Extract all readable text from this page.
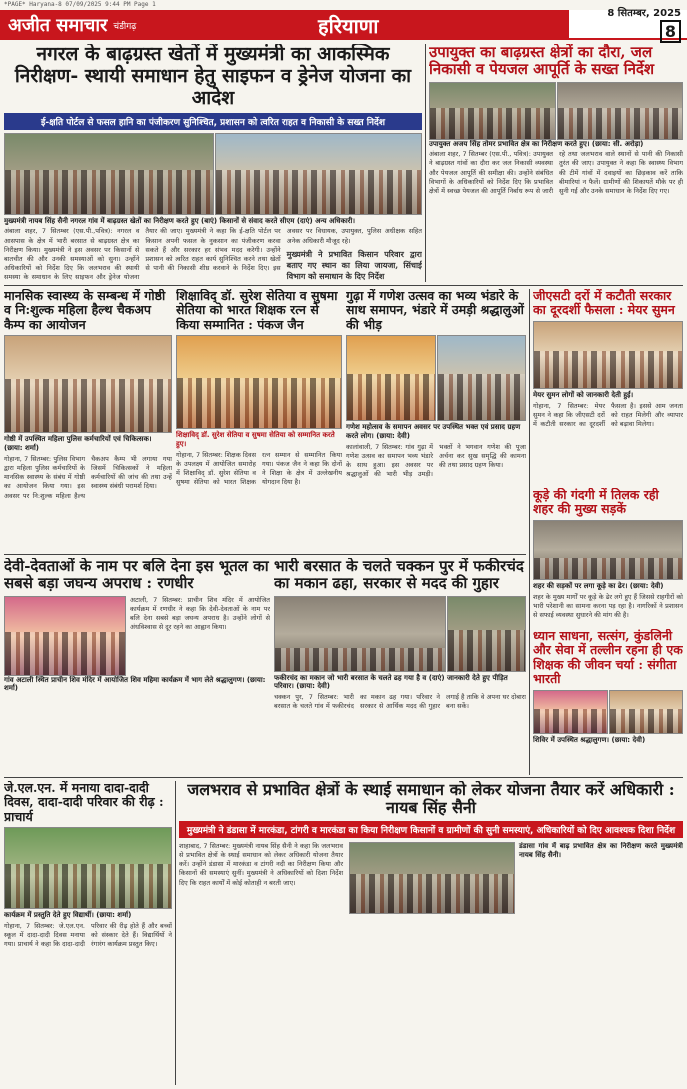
*PAGE* Haryana-8 07/09/2025 9:44 PM Page 1
अजीत समाचार चंडीगढ़	हरियाणा	8 सितम्बर, 2025
8
नगरल के बाढ़ग्रस्त खेतों में मुख्यमंत्री का आकस्मिक निरीक्षण- स्थायी समाधान हेतु साइफन व ड्रेनेज योजना का आदेश
ई-क्षति पोर्टल से फसल हानि का पंजीकरण सुनिश्चित, प्रशासन को त्वरित राहत व निकासी के सख्त निर्देश
मुख्यमंत्री नायब सिंह सैनी नगरल गांव में बाढ़ग्रस्त खेतों का निरीक्षण करते हुए (बाएं) किसानों से संवाद करते सीएम (दाएं) अन्य अधिकारी।
अंबाला शहर, 7 सितम्बर (एस.पी.,पवित्र): नगरल व आसपास के क्षेत्र में भारी बरसात से बाढ़ग्रस्त क्षेत्र का निरीक्षण किया। मुख्यमंत्री ने इस अवसर पर किसानों से बातचीत की और उनकी समस्याओं को सुना। उन्होंने अधिकारियों को निर्देश दिए कि जलभराव की स्थायी समस्या के समाधान के लिए साइफन और ड्रेनेज योजना तैयार की जाए। मुख्यमंत्री ने कहा कि ई-क्षति पोर्टल पर किसान अपनी फसल के नुकसान का पंजीकरण करवा सकते हैं और सरकार हर संभव मदद करेगी। उन्होंने प्रशासन को त्वरित राहत कार्य सुनिश्चित करने तथा खेतों से पानी की निकासी शीघ्र करवाने के निर्देश दिए। इस अवसर पर विधायक, उपायुक्त, पुलिस अधीक्षक सहित अनेक अधिकारी मौजूद रहे।
मुख्यमंत्री ने प्रभावित किसान परिवार द्वारा बताए गए स्थान का लिया जायजा, सिंचाई विभाग को समाधान के दिए निर्देश
उपायुक्त का बाढ़ग्रस्त क्षेत्रों का दौरा, जल निकासी व पेयजल आपूर्ति के सख्त निर्देश
उपायुक्त अजय सिंह तोमर प्रभावित क्षेत्र का निरीक्षण करते हुए। (छाया: सी. अरोड़ा)
अंबाला शहर, 7 सितम्बर (एस.पी., पवित्र): उपायुक्त ने बाढ़ग्रस्त गांवों का दौरा कर जल निकासी व्यवस्था और पेयजल आपूर्ति की समीक्षा की। उन्होंने संबंधित विभागों के अधिकारियों को निर्देश दिए कि प्रभावित क्षेत्रों में स्वच्छ पेयजल की आपूर्ति निर्बाध रूप से जारी रहे तथा जलभराव वाले स्थानों से पानी की निकासी तुरंत की जाए। उपायुक्त ने कहा कि स्वास्थ्य विभाग की टीमें गांवों में दवाइयों का छिड़काव करें ताकि बीमारियां न फैलें। ग्रामीणों की शिकायतें मौके पर ही सुनी गईं और उनके समाधान के निर्देश दिए गए।
मानसिक स्वास्थ्य के सम्बन्ध में गोष्ठी व नि:शुल्क महिला हैल्थ चैकअप कैम्प का आयोजन
गोष्ठी में उपस्थित महिला पुलिस कर्मचारियों एवं चिकित्सक। (छाया: शर्मा)
गोहाना, 7 सितम्बर: पुलिस विभाग द्वारा महिला पुलिस कर्मचारियों के मानसिक स्वास्थ्य के संबंध में गोष्ठी का आयोजन किया गया। इस अवसर पर नि:शुल्क महिला हैल्थ चैकअप कैम्प भी लगाया गया जिसमें चिकित्सकों ने महिला कर्मचारियों की जांच की तथा उन्हें स्वास्थ्य संबंधी परामर्श दिया।
शिक्षाविद् डॉ. सुरेश सेतिया व सुषमा सेतिया को भारत शिक्षक रत्न से किया सम्मानित : पंकज जैन
शिक्षाविद् डॉ. सुरेश सेतिया व सुषमा सेतिया को सम्मानित करते हुए।
गोहाना, 7 सितम्बर: शिक्षक दिवस के उपलक्ष्य में आयोजित समारोह में शिक्षाविद् डॉ. सुरेश सेतिया व सुषमा सेतिया को भारत शिक्षक रत्न सम्मान से सम्मानित किया गया। पंकज जैन ने कहा कि दोनों ने शिक्षा के क्षेत्र में उल्लेखनीय योगदान दिया है।
गुढ़ा में गणेश उत्सव का भव्य भंडारे के साथ समापन, भंडारे में उमड़ी श्रद्धालुओं की भीड़
गणेश महोत्सव के समापन अवसर पर उपस्थित भक्त एवं प्रसाद ग्रहण करते लोग। (छाया: देवी)
कालांवाली, 7 सितम्बर: गांव गुढ़ा में गणेश उत्सव का समापन भव्य भंडारे के साथ हुआ। इस अवसर पर श्रद्धालुओं की भारी भीड़ उमड़ी। भक्तों ने भगवान गणेश की पूजा अर्चना कर सुख समृद्धि की कामना की तथा प्रसाद ग्रहण किया।
जीएसटी दरों में कटौती सरकार का दूरदर्शी फैसला : मेयर सुमन
मेयर सुमन लोगों को जानकारी देती हुईं।
गोहाना, 7 सितम्बर: मेयर सुमन ने कहा कि जीएसटी दरों में कटौती सरकार का दूरदर्शी फैसला है। इससे आम जनता को राहत मिलेगी और व्यापार को बढ़ावा मिलेगा।
कूड़े की गंदगी में तिलक रही शहर की मुख्य सड़कें
शहर की सड़कों पर लगा कूड़े का ढेर। (छाया: देवी)
शहर के मुख्य मार्गों पर कूड़े के ढेर लगे हुए हैं जिससे राहगीरों को भारी परेशानी का सामना करना पड़ रहा है। नागरिकों ने प्रशासन से सफाई व्यवस्था सुधारने की मांग की है।
देवी-देवताओं के नाम पर बलि देना इस भूतल का सबसे बड़ा जघन्य अपराध : रणधीर
अटाली, 7 सितम्बर: प्राचीन शिव मंदिर में आयोजित कार्यक्रम में रणधीर ने कहा कि देवी-देवताओं के नाम पर बलि देना सबसे बड़ा जघन्य अपराध है। उन्होंने लोगों से अंधविश्वास से दूर रहने का आह्वान किया।
गांव अटाली स्थित प्राचीन शिव मंदिर में आयोजित शिव महिमा कार्यक्रम में भाग लेते श्रद्धालुगण। (छाया: शर्मा)
भारी बरसात के चलते चक्कन पुर में फकीरचंद का मकान ढहा, सरकार से मदद की गुहार
फकीरचंद का मकान जो भारी बरसात के चलते ढह गया है व (दाएं) जानकारी देते हुए पीड़ित परिवार। (छाया: देवी)
चक्कन पुर, 7 सितम्बर: भारी बरसात के चलते गांव में फकीरचंद का मकान ढह गया। परिवार ने सरकार से आर्थिक मदद की गुहार लगाई है ताकि वे अपना घर दोबारा बना सकें।
ध्यान साधना, सत्संग, कुंडलिनी और सेवा में तल्लीन रहना ही एक शिक्षक की जीवन चर्या : संगीता भारती
शिविर में उपस्थित श्रद्धालुगण। (छाया: देवी)
जे.एल.एन. में मनाया दादा-दादी दिवस, दादा-दादी परिवार की रीढ़ : प्राचार्य
कार्यक्रम में प्रस्तुति देते हुए विद्यार्थी। (छाया: शर्मा)
गोहाना, 7 सितम्बर: जे.एल.एन. स्कूल में दादा-दादी दिवस मनाया गया। प्राचार्य ने कहा कि दादा-दादी परिवार की रीढ़ होते हैं और बच्चों को संस्कार देते हैं। विद्यार्थियों ने रंगारंग कार्यक्रम प्रस्तुत किए।
जलभराव से प्रभावित क्षेत्रों के स्थाई समाधान को लेकर योजना तैयार करें अधिकारी : नायब सिंह सैनी
मुख्यमंत्री ने डंडासा में मारकंडा, टांगरी व मारकंडा का किया निरीक्षण किसानों व ग्रामीणों की सुनी समस्याएं, अधिकारियों को दिए आवश्यक दिशा निर्देश
शाहाबाद, 7 सितम्बर: मुख्यमंत्री नायब सिंह सैनी ने कहा कि जलभराव से प्रभावित क्षेत्रों के स्थाई समाधान को लेकर अधिकारी योजना तैयार करें। उन्होंने डंडासा में मारकंडा व टांगरी नदी का निरीक्षण किया और किसानों की समस्याएं सुनीं। मुख्यमंत्री ने अधिकारियों को दिशा निर्देश दिए कि राहत कार्यों में कोई कोताही न बरती जाए।
डंडासा गांव में बाढ़ प्रभावित क्षेत्र का निरीक्षण करते मुख्यमंत्री नायब सिंह सैनी।
